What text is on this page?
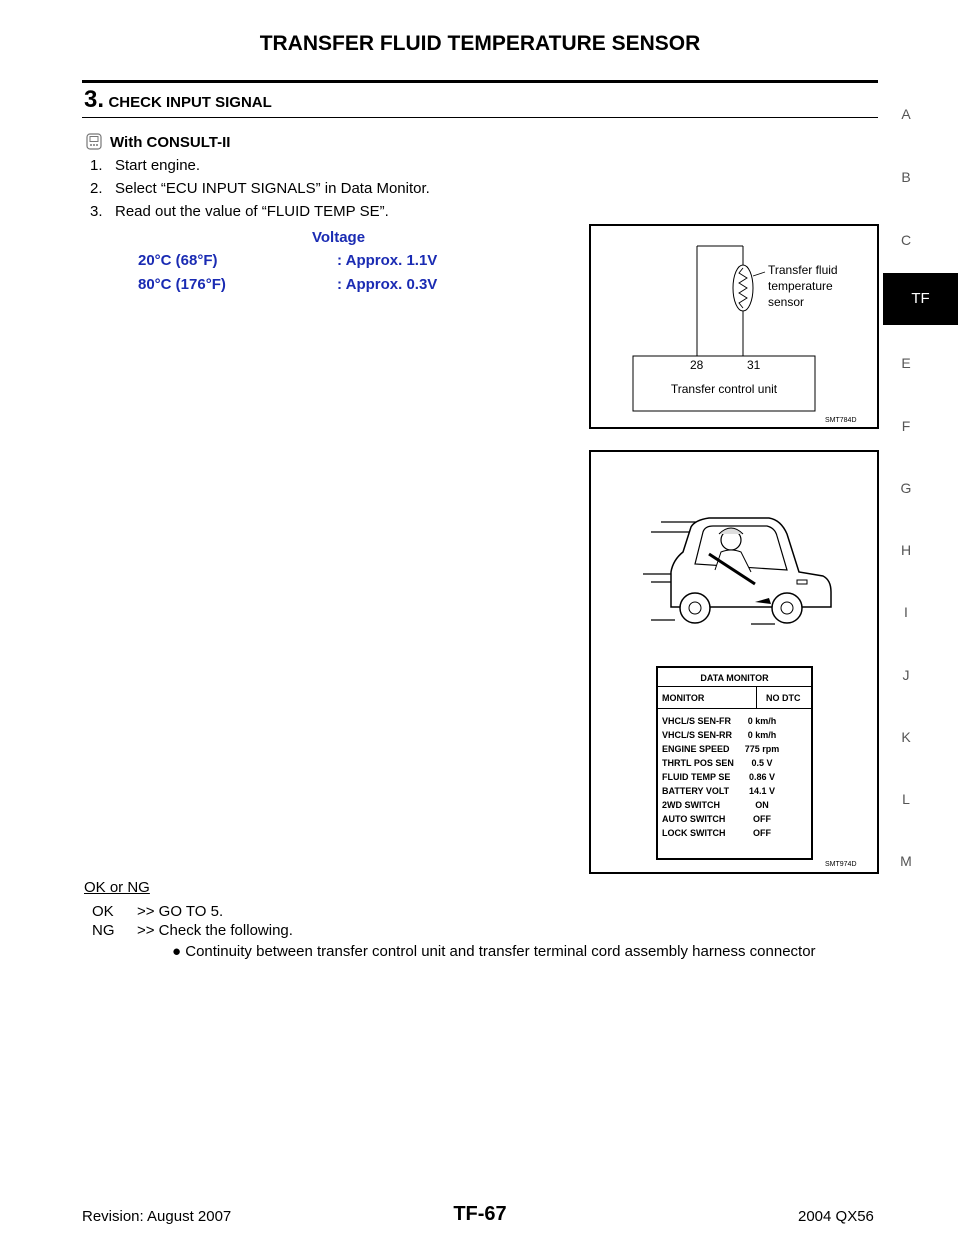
TRANSFER FLUID TEMPERATURE SENSOR
3. CHECK INPUT SIGNAL
With CONSULT-II
1. Start engine.
2. Select “ECU INPUT SIGNALS” in Data Monitor.
3. Read out the value of “FLUID TEMP SE”.
Voltage
20°C (68°F)	: Approx. 1.1V
80°C (176°F)	: Approx. 0.3V
Transfer fluid
temperature
sensor
28	31
Transfer control unit
SMT784D
DATA MONITOR
MONITOR	NO DTC
VHCL/S SEN-FR 0 km/h
VHCL/S SEN-RR 0 km/h
ENGINE SPEED 775 rpm
THRTL POS SEN 0.5 V
FLUID TEMP SE 0.86 V
BATTERY VOLT 14.1 V
2WD SWITCH	ON
AUTO SWITCH	OFF
LOCK SWITCH	OFF
SMT974D
OK or NG
OK >> GO TO 5.
NG >> Check the following.
● Continuity between transfer control unit and transfer terminal cord assembly harness connector
A
B
C
TF
E
F
G
H
I
J
K
L
M
Revision: August 2007	TF-67	2004 QX56
